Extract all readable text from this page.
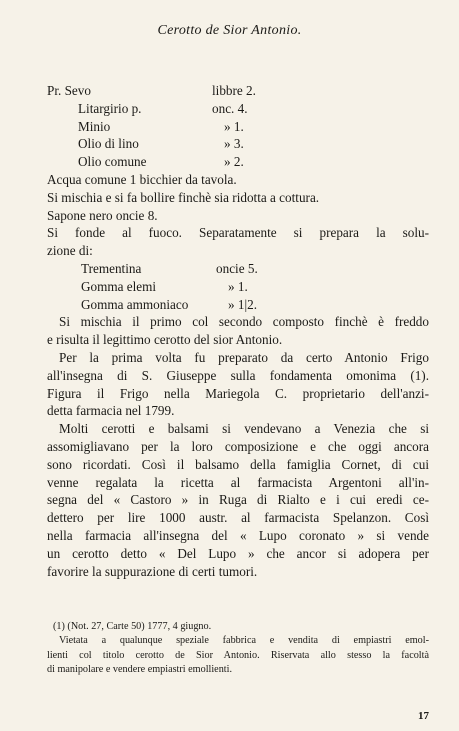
Cerotto de Sior Antonio.
Pr. Sevo	libbre 2.
Litargirio p.	onc. 4.
Minio	» 1.
Olio di lino	» 3.
Olio comune	» 2.
Acqua comune 1 bicchier da tavola.
Si mischia e si fa bollire finchè sia ridotta a cottura.
Sapone nero oncie 8.
Si fonde al fuoco. Separatamente si prepara la solu-
zione di:
Trementina	oncie 5.
Gomma elemi	» 1.
Gomma ammoniaco	» 1|2.
Si mischia il primo col secondo composto finchè è freddo
e risulta il legittimo cerotto del sior Antonio.
Per la prima volta fu preparato da certo Antonio Frigo
all'insegna di S. Giuseppe sulla fondamenta omonima (1).
Figura il Frigo nella Mariegola C. proprietario dell'anzi-
detta farmacia nel 1799.
Molti cerotti e balsami si vendevano a Venezia che si
assomigliavano per la loro composizione e che oggi ancora
sono ricordati. Così il balsamo della famiglia Cornet, di cui
venne regalata la ricetta al farmacista Argentoni all'in-
segna del « Castoro » in Ruga di Rialto e i cui eredi ce-
dettero per lire 1000 austr. al farmacista Spelanzon. Così
nella farmacia all'insegna del « Lupo coronato » si vende
un cerotto detto « Del Lupo » che ancor si adopera per
favorire la suppurazione di certi tumori.
(1) (Not. 27, Carte 50) 1777, 4 giugno.
Vietata a qualunque speziale fabbrica e vendita di empiastri emol-
lienti col titolo cerotto de Sior Antonio. Riservata allo stesso la facoltà
di manipolare e vendere empiastri emollienti.
17
